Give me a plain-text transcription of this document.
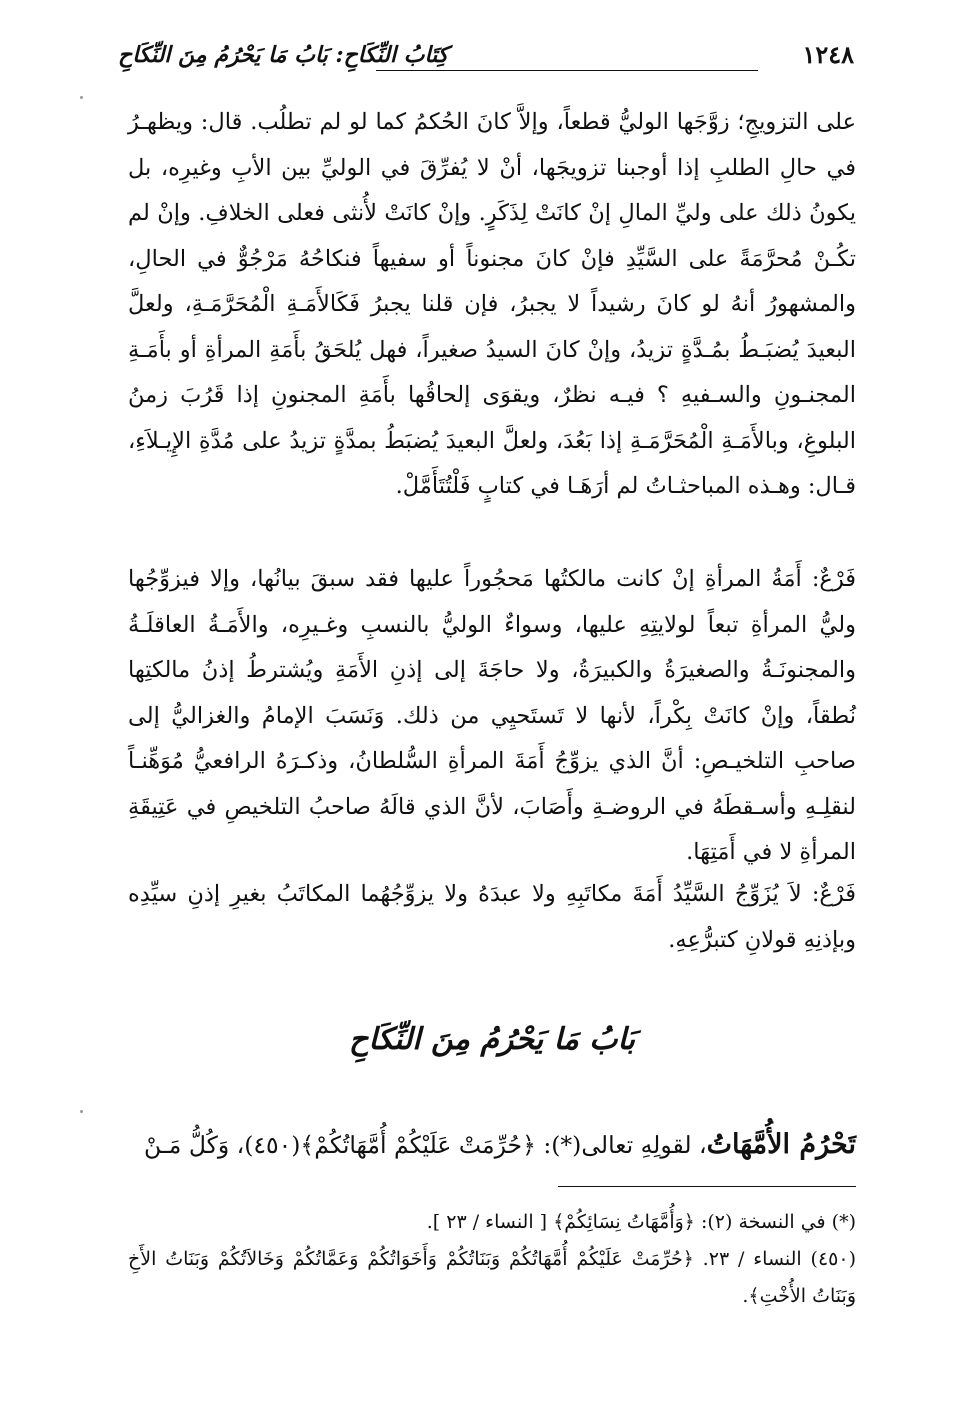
١٢٤٨
كِتَابُ النِّكَاحِ: بَابُ مَا يَحْرُمُ مِنَ النِّكَاحِ

على التزويجِ؛ زوَّجَها الوليُّ قطعاً، وإلاَّ كانَ الحُكمُ كما لو لم تطلُب. قال: ويظهـرُ في حالِ الطلبِ إذا أوجبنا تزويجَها، أنْ لا يُفرِّقَ في الوليِّ بين الأبِ وغيرِه، بل يكونُ ذلك على وليِّ المالِ إنْ كانَتْ لِذَكَرٍ. وإنْ كانَتْ لأُنثى فعلى الخلافِ. وإنْ لم تكُـنْ مُحرَّمَةً على السَّيِّدِ فإنْ كانَ مجنوناً أو سفيهاً فنكاحُهُ مَرْجُوٌّ في الحالِ، والمشهورُ أنهُ لو كانَ رشيداً لا يجبرُ، فإن قلنا يجبرُ فَكَالأَمَـةِ الْمُحَرَّمَـةِ، ولعلَّ البعيدَ يُضبَـطُ بمُـدَّةٍ تزيدُ، وإنْ كانَ السيدُ صغيراً، فهل يُلحَقُ بأَمَةِ المرأةِ أو بأَمَـةِ المجنـونِ والسـفيهِ ؟ فيـه نظرٌ، ويقوَى إلحاقُها بأَمَةِ المجنونِ إذا قَرُبَ زمنُ البلوغِ، وبالأَمَـةِ الْمُحَرَّمَـةِ إذا بَعُدَ، ولعلَّ البعيدَ يُضبَطُ بمدَّةٍ تزيدُ على مُدَّةِ الإِيـلاَءِ، قـال: وهـذه المباحثـاتُ لم أرَهَـا في كتابٍ فَلْتُتَأَمَّلْ.

فَرْعٌ: أَمَةُ المرأةِ إنْ كانت مالكتُها مَحجُوراً عليها فقد سبقَ بيانُها، وإلا فيزوِّجُها وليُّ المرأةِ تبعاً لولايتِهِ عليها، وسواءٌ الوليُّ بالنسبِ وغـيرِه، والأَمَـةُ العاقلَـةُ والمجنونَـةُ والصغيرَةُ والكبيرَةُ، ولا حاجَةَ إلى إذنِ الأَمَةِ ويُشترطُ إذنُ مالكتِها نُطقاً، وإنْ كانَتْ بِكْراً، لأنها لا تَستَحيِي من ذلك. وَنَسَبَ الإمامُ والغزاليُّ إلى صاحبِ التلخيـصِ: أنَّ الذي يزوِّجُ أَمَةَ المرأةِ السُّلطانُ، وذكـرَهُ الرافعيُّ مُوَهِّنـاً لنقلِـهِ وأسـقطَهُ في الروضـةِ وأَصَابَ، لأنَّ الذي قالَهُ صاحبُ التلخيصِ في عَتِيقَةِ المرأةِ لا في أَمَتِهَا.

فَرْعٌ: لاَ يُزَوِّجُ السَّيِّدُ أَمَةَ مكاتَبِهِ ولا عبدَهُ ولا يزوِّجُهُما المكاتَبُ بغيرِ إذنِ سيِّدِه وبإذنِهِ قولانِ كتبرُّعِهِ.

بَابُ مَا يَحْرُمُ مِنَ النِّكَاحِ

تَحْرُمُ الأُمَّهَاتُ، لقولِهِ تعالى(*): ﴿حُرِّمَتْ عَلَيْكُمْ أُمَّهَاتُكُمْ﴾(٤٥٠)، وَكُلُّ مَـنْ

(*) في النسخة (٢): ﴿وَأُمَّهَاتُ نِسَائِكُمْ﴾ [ النساء / ٢٣ ].

(٤٥٠) النساء / ٢٣. ﴿حُرِّمَتْ عَلَيْكُمْ أُمَّهَاتُكُمْ وَبَنَاتُكُمْ وَأَخَوَاتُكُمْ وَعَمَّاتُكُمْ وَخَالاَتُكُمْ وَبَنَاتُ الأَخِ وَبَنَاتُ الأُخْتِ﴾.
